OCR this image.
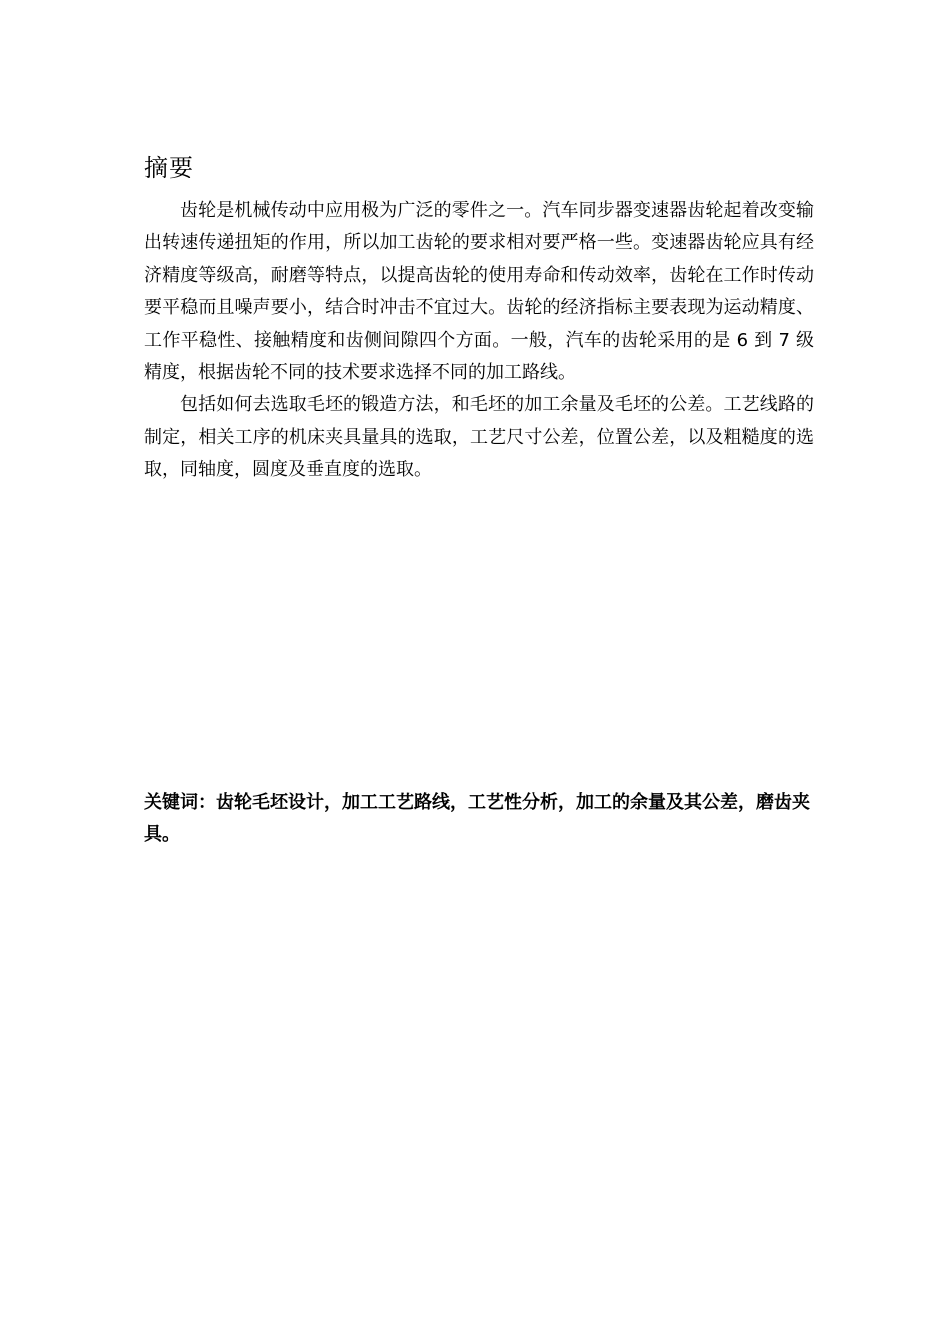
摘要

齿轮是机械传动中应用极为广泛的零件之一。汽车同步器变速器齿轮起着改变输出转速传递扭矩的作用，所以加工齿轮的要求相对要严格一些。变速器齿轮应具有经济精度等级高，耐磨等特点，以提高齿轮的使用寿命和传动效率，齿轮在工作时传动要平稳而且噪声要小，结合时冲击不宜过大。齿轮的经济指标主要表现为运动精度、工作平稳性、接触精度和齿侧间隙四个方面。一般，汽车的齿轮采用的是 6 到 7 级精度，根据齿轮不同的技术要求选择不同的加工路线。

包括如何去选取毛坯的锻造方法，和毛坯的加工余量及毛坯的公差。工艺线路的制定，相关工序的机床夹具量具的选取，工艺尺寸公差，位置公差，以及粗糙度的选取，同轴度，圆度及垂直度的选取。

关键词：齿轮毛坯设计，加工工艺路线，工艺性分析，加工的余量及其公差，磨齿夹具。
